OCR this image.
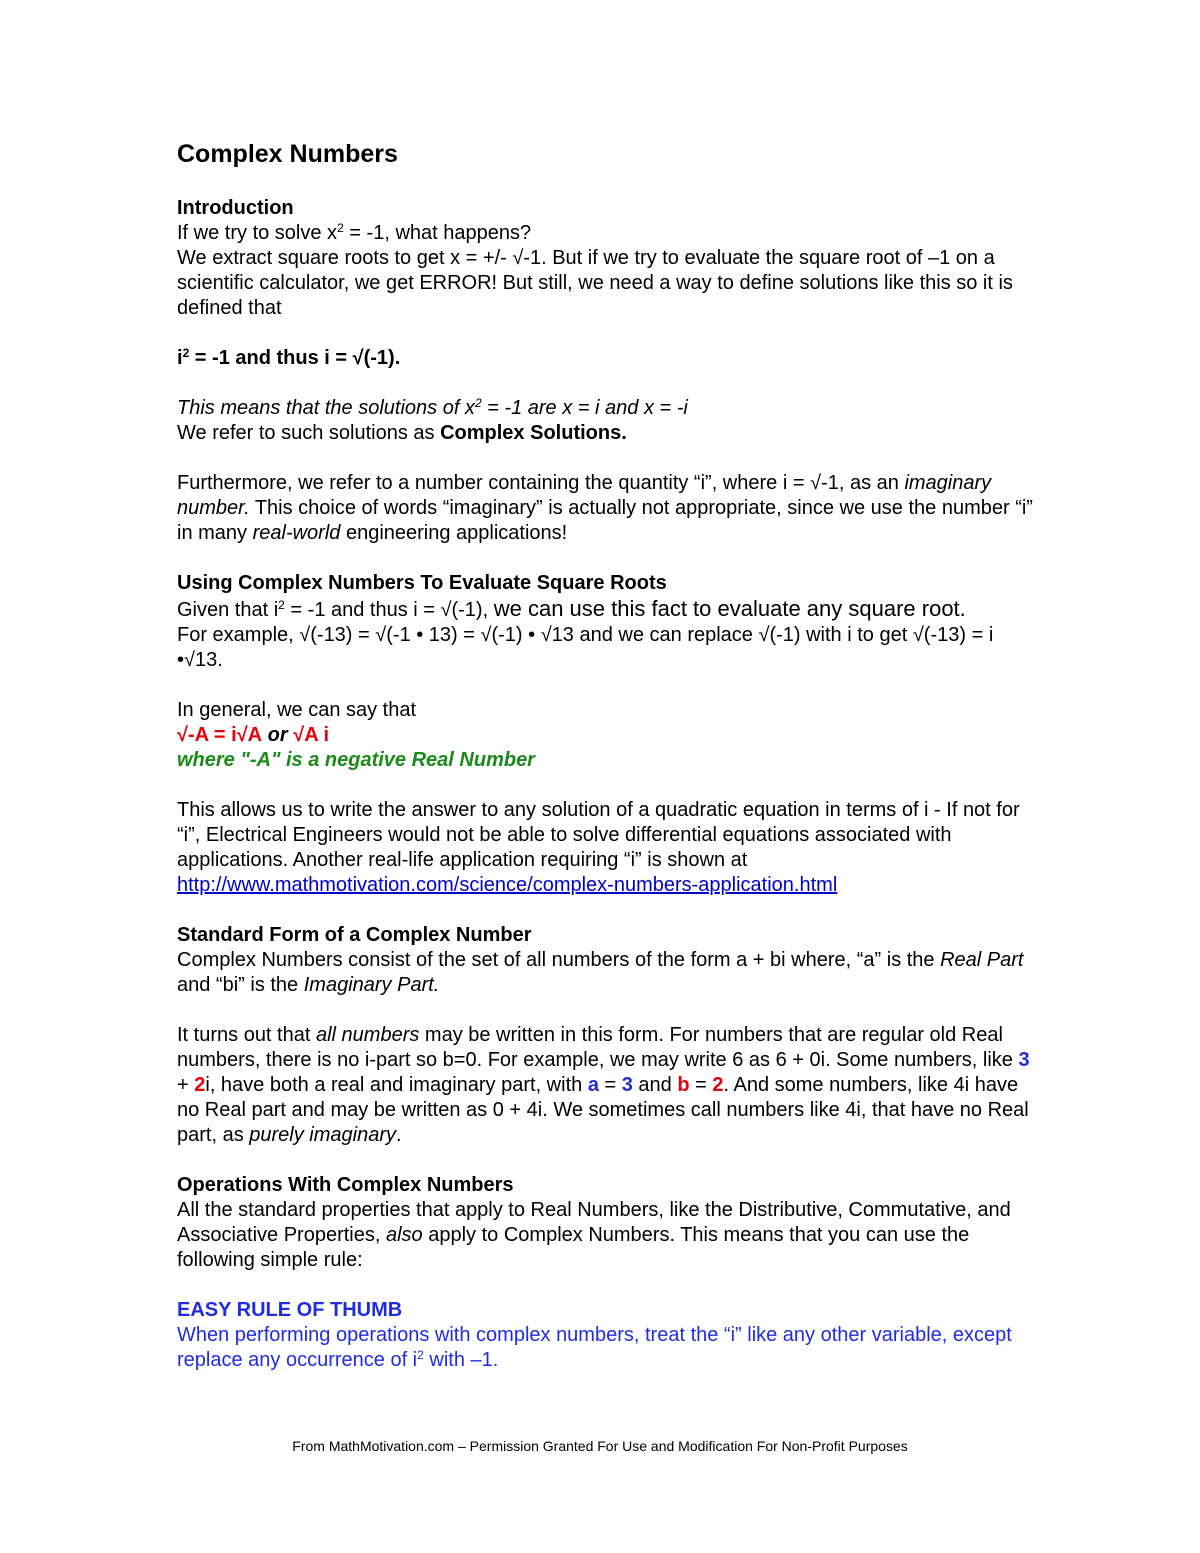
Complex Numbers

Introduction

If we try to solve $x^2 = -1$, what happens?

We extract square roots to get x = +/- √-1. But if we try to evaluate the square root of –1 on a scientific calculator, we get ERROR! But still, we need a way to define solutions like this so it is defined that

$i^2 = -1$ and thus i = √(-1).

This means that the solutions of $x^2 = -1$ are x = i and x = -i

We refer to such solutions as Complex Solutions.

Furthermore, we refer to a number containing the quantity “i”, where i = √-1, as an imaginary number. This choice of words “imaginary” is actually not appropriate, since we use the number “i” in many real-world engineering applications!

Using Complex Numbers To Evaluate Square Roots

Given that $i^2 = -1$ and thus i = √(-1), we can use this fact to evaluate any square root.

For example, √(-13) = √(-1 • 13) = √(-1) • √13 and we can replace √(-1) with i to get √(-13) = i •√13.

In general, we can say that

√-A = i√A or √A i

where "-A" is a negative Real Number

This allows us to write the answer to any solution of a quadratic equation in terms of i - If not for “i”, Electrical Engineers would not be able to solve differential equations associated with applications. Another real-life application requiring “i” is shown at http://www.mathmotivation.com/science/complex-numbers-application.html

Standard Form of a Complex Number

Complex Numbers consist of the set of all numbers of the form a + bi where, “a” is the Real Part and “bi” is the Imaginary Part.

It turns out that all numbers may be written in this form. For numbers that are regular old Real numbers, there is no i-part so b=0. For example, we may write 6 as 6 + 0i. Some numbers, like 3 + 2i, have both a real and imaginary part, with a = 3 and b = 2. And some numbers, like 4i have no Real part and may be written as 0 + 4i. We sometimes call numbers like 4i, that have no Real part, as purely imaginary.

Operations With Complex Numbers

All the standard properties that apply to Real Numbers, like the Distributive, Commutative, and Associative Properties, also apply to Complex Numbers. This means that you can use the following simple rule:

EASY RULE OF THUMB

When performing operations with complex numbers, treat the “i” like any other variable, except replace any occurrence of $i^2$ with –1.

From MathMotivation.com – Permission Granted For Use and Modification For Non-Profit Purposes
